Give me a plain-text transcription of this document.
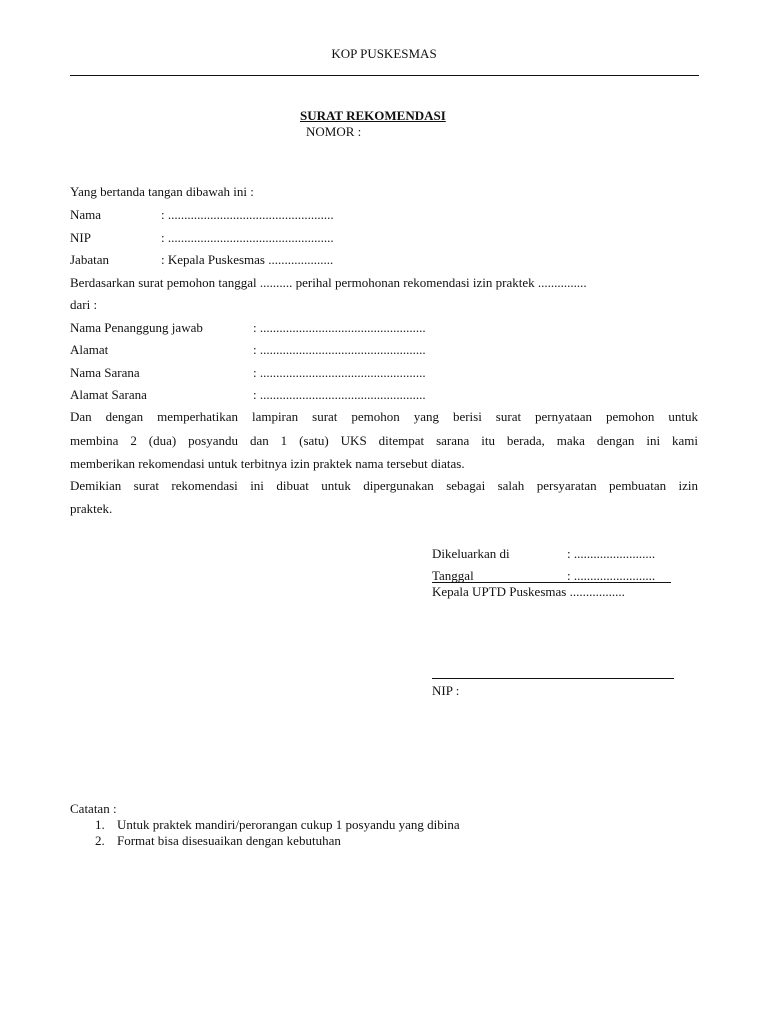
KOP PUSKESMAS
SURAT REKOMENDASI
NOMOR :
Yang bertanda tangan dibawah ini :
Nama	: ...................................................
NIP	: ...................................................
Jabatan	: Kepala Puskesmas ....................
Berdasarkan surat pemohon tanggal .......... perihal permohonan rekomendasi izin praktek ...............
dari :
Nama Penanggung jawab	: ...................................................
Alamat	: ...................................................
Nama Sarana	: ...................................................
Alamat Sarana	: ...................................................
Dan dengan memperhatikan lampiran surat pemohon yang berisi surat pernyataan pemohon untuk
membina 2 (dua) posyandu dan 1 (satu) UKS ditempat sarana itu berada, maka dengan ini kami
memberikan rekomendasi untuk terbitnya izin praktek nama tersebut diatas.
Demikian surat rekomendasi ini dibuat untuk dipergunakan sebagai salah persyaratan pembuatan izin
praktek.
Dikeluarkan di	: .........................
Tanggal	: .........................
Kepala UPTD Puskesmas .................
NIP :
Catatan :
1. Untuk praktek mandiri/perorangan cukup 1 posyandu yang dibina
2. Format bisa disesuaikan dengan kebutuhan
